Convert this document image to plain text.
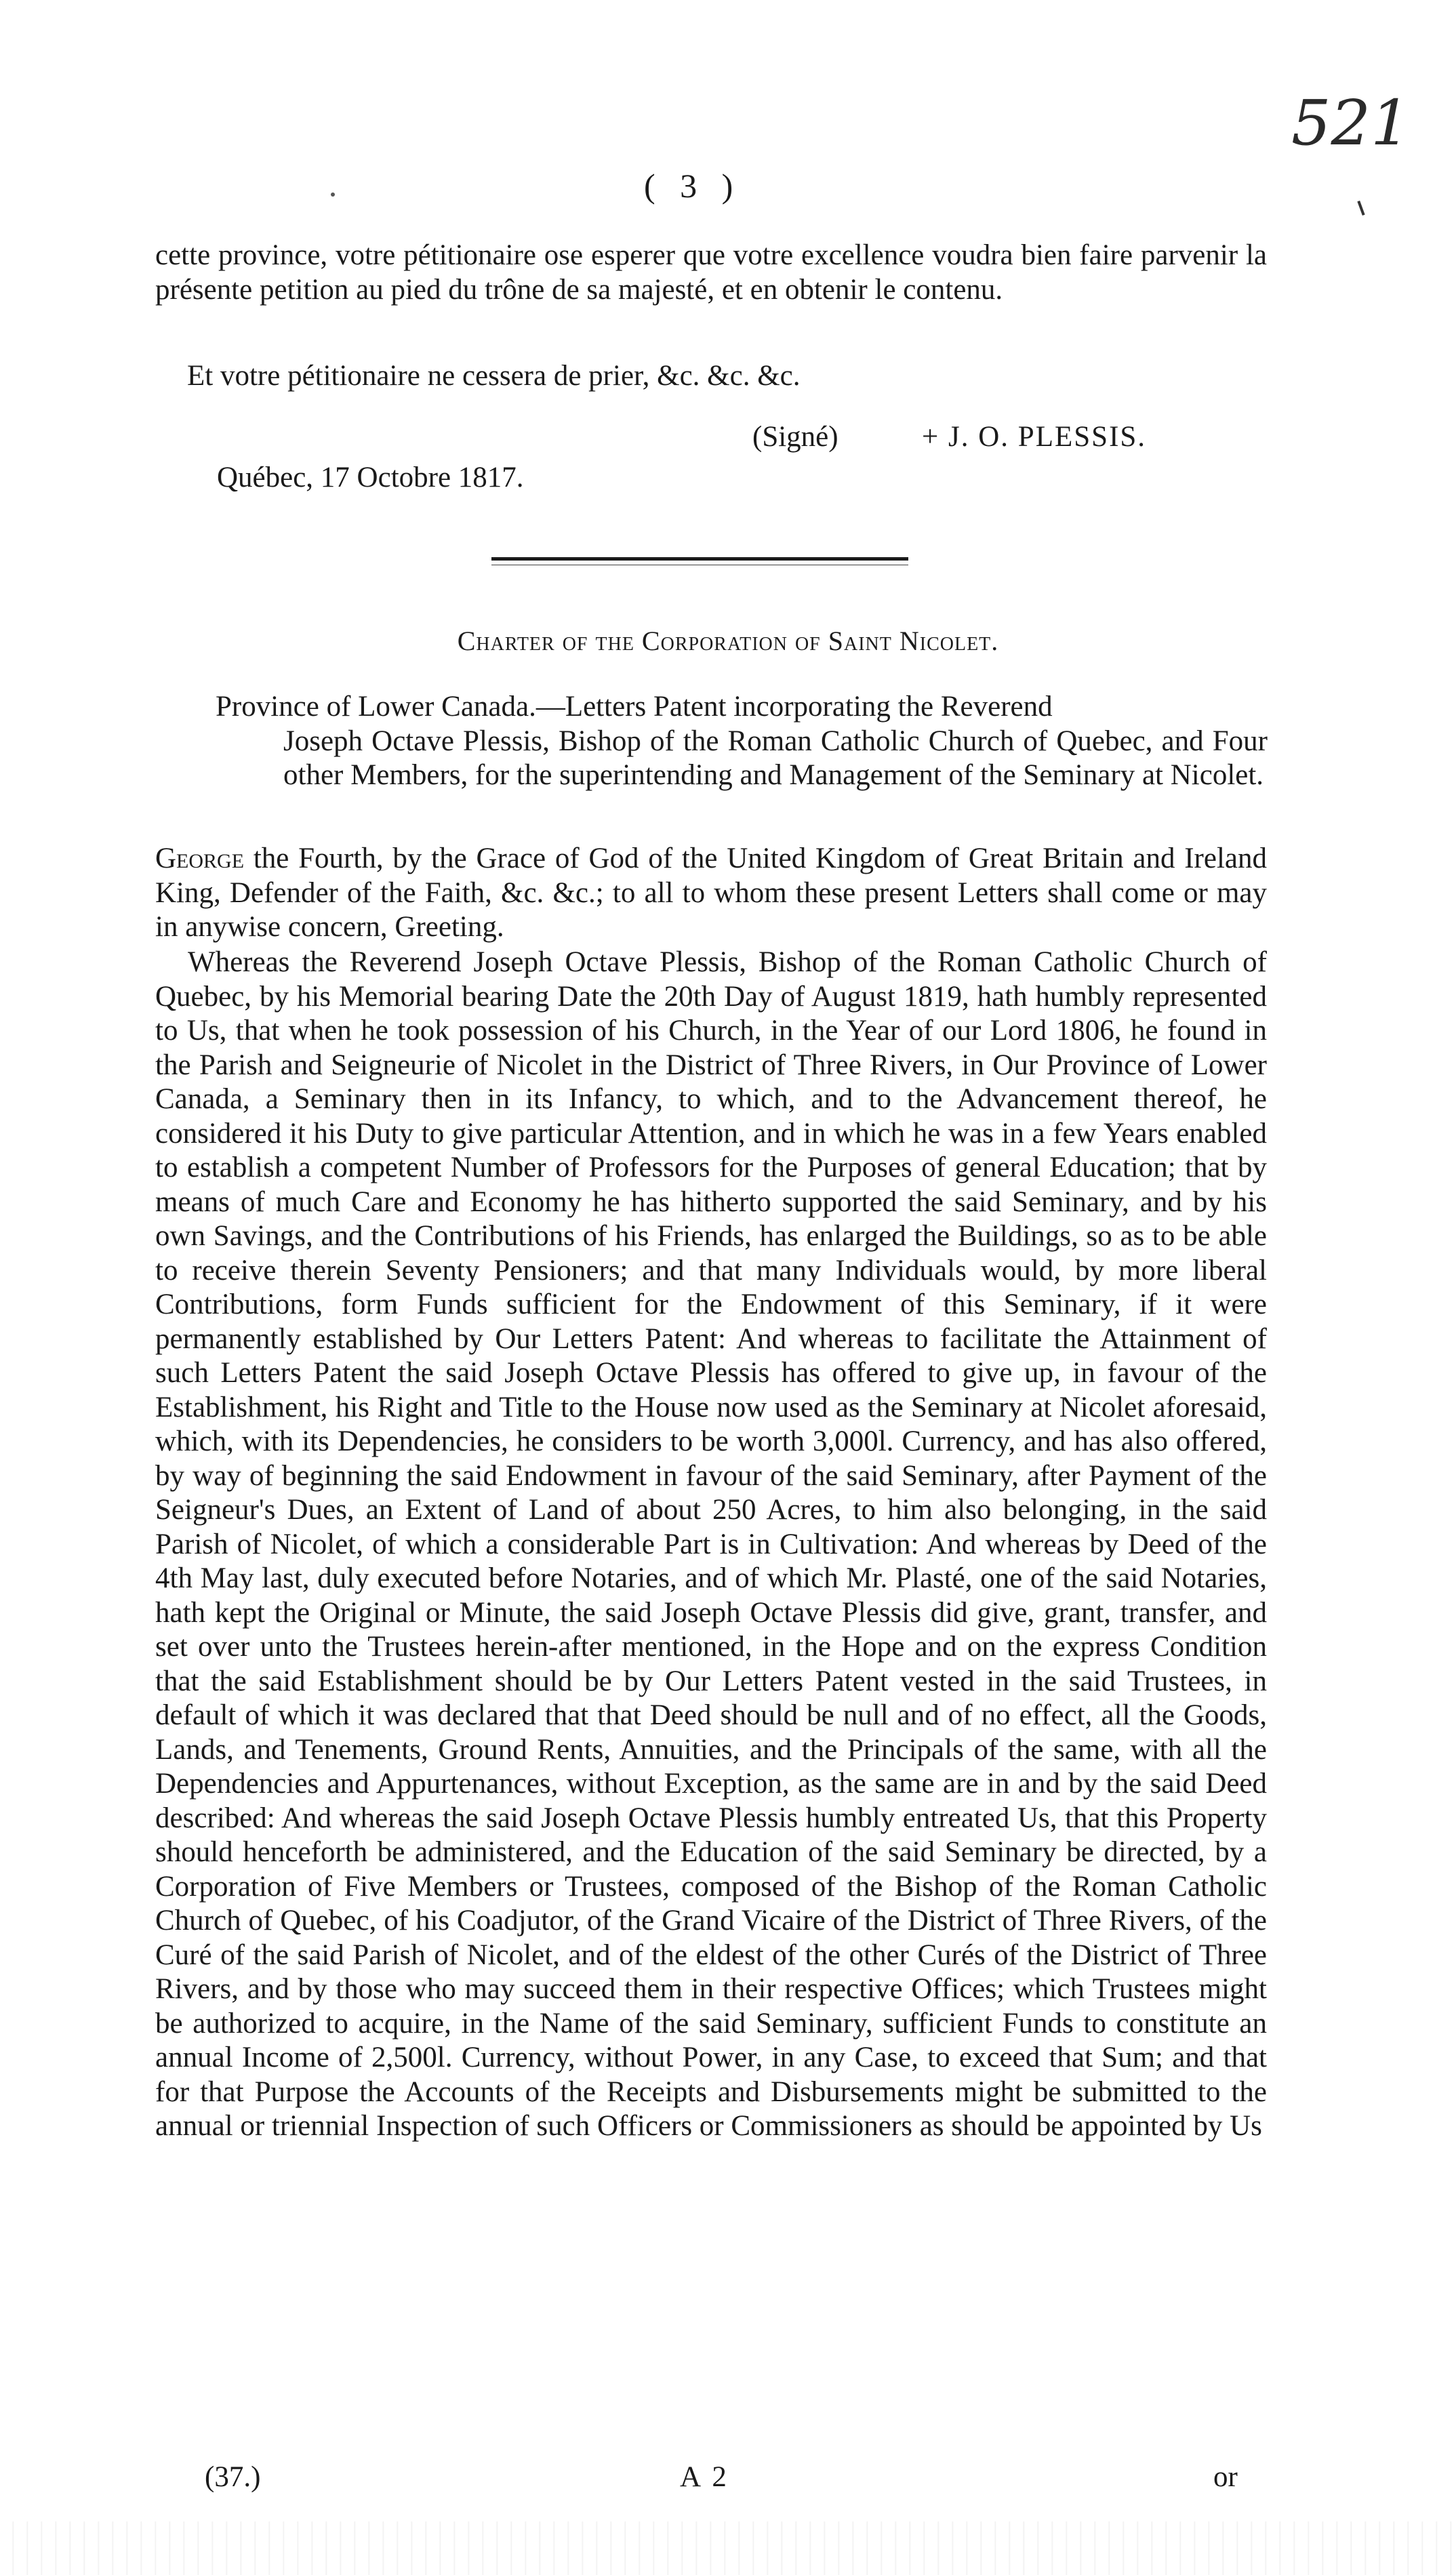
521
( 3 )

cette province, votre pétitionaire ose esperer que votre excellence voudra bien faire parvenir la présente petition au pied du trône de sa majesté, et en obtenir le contenu.

Et votre pétitionaire ne cessera de prier, &c. &c. &c.

(Signé)	+ J. O. PLESSIS.
Québec, 17 Octobre 1817.
Charter of the Corporation of Saint Nicolet.
Province of Lower Canada.—Letters Patent incorporating the Reverend
Joseph Octave Plessis, Bishop of the Roman Catholic Church of Quebec, and Four other Members, for the superintending and Management of the Seminary at Nicolet.

George the Fourth, by the Grace of God of the United Kingdom of Great Britain and Ireland King, Defender of the Faith, &c. &c.; to all to whom these present Letters shall come or may in anywise concern, Greeting.

Whereas the Reverend Joseph Octave Plessis, Bishop of the Roman Catholic Church of Quebec, by his Memorial bearing Date the 20th Day of August 1819, hath humbly represented to Us, that when he took possession of his Church, in the Year of our Lord 1806, he found in the Parish and Seigneurie of Nicolet in the District of Three Rivers, in Our Province of Lower Canada, a Seminary then in its Infancy, to which, and to the Advancement thereof, he considered it his Duty to give particular Attention, and in which he was in a few Years enabled to establish a competent Number of Professors for the Purposes of general Education; that by means of much Care and Economy he has hitherto supported the said Seminary, and by his own Savings, and the Contributions of his Friends, has enlarged the Buildings, so as to be able to receive therein Seventy Pensioners; and that many Individuals would, by more liberal Contributions, form Funds sufficient for the Endowment of this Seminary, if it were permanently established by Our Letters Patent: And whereas to facilitate the Attainment of such Letters Patent the said Joseph Octave Plessis has offered to give up, in favour of the Establishment, his Right and Title to the House now used as the Seminary at Nicolet aforesaid, which, with its Dependencies, he considers to be worth 3,000l. Currency, and has also offered, by way of beginning the said Endowment in favour of the said Seminary, after Payment of the Seigneur's Dues, an Extent of Land of about 250 Acres, to him also belonging, in the said Parish of Nicolet, of which a considerable Part is in Cultivation: And whereas by Deed of the 4th May last, duly executed before Notaries, and of which Mr. Plasté, one of the said Notaries, hath kept the Original or Minute, the said Joseph Octave Plessis did give, grant, transfer, and set over unto the Trustees herein-after mentioned, in the Hope and on the express Condition that the said Establishment should be by Our Letters Patent vested in the said Trustees, in default of which it was declared that that Deed should be null and of no effect, all the Goods, Lands, and Tenements, Ground Rents, Annuities, and the Principals of the same, with all the Dependencies and Appurtenances, without Exception, as the same are in and by the said Deed described: And whereas the said Joseph Octave Plessis humbly entreated Us, that this Property should henceforth be administered, and the Education of the said Seminary be directed, by a Corporation of Five Members or Trustees, composed of the Bishop of the Roman Catholic Church of Quebec, of his Coadjutor, of the Grand Vicaire of the District of Three Rivers, of the Curé of the said Parish of Nicolet, and of the eldest of the other Curés of the District of Three Rivers, and by those who may succeed them in their respective Offices; which Trustees might be authorized to acquire, in the Name of the said Seminary, sufficient Funds to constitute an annual Income of 2,500l. Currency, without Power, in any Case, to exceed that Sum; and that for that Purpose the Accounts of the Receipts and Disbursements might be submitted to the annual or triennial Inspection of such Officers or Commissioners as should be appointed by Us

(37.)	A 2	or
